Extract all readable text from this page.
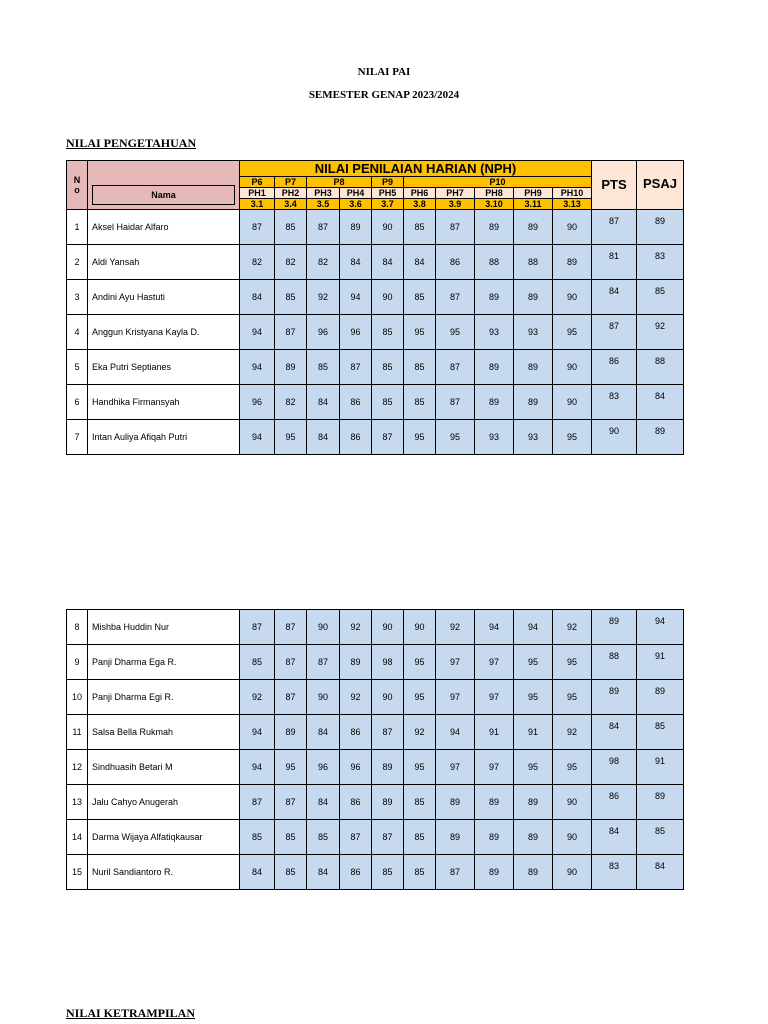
NILAI PAI
SEMESTER GENAP 2023/2024
NILAI PENGETAHUAN
N
o	Nama	NILAI PENILAIAN HARIAN (NPH)										PTS	PSAJ
		P6	P7	P8		P9	P10						
		PH1	PH2	PH3	PH4	PH5	PH6	PH7	PH8	PH9	PH10		
		3.1	3.4	3.5	3.6	3.7	3.8	3.9	3.10	3.11	3.13		
1	Aksel Haidar Alfaro	87	85	87	89	90	85	87	89	89	90	87	89
2	Aldi Yansah	82	82	82	84	84	84	86	88	88	89	81	83
3	Andini Ayu Hastuti	84	85	92	94	90	85	87	89	89	90	84	85
4	Anggun Kristyana Kayla D.	94	87	96	96	85	95	95	93	93	95	87	92
5	Eka Putri Septianes	94	89	85	87	85	85	87	89	89	90	86	88
6	Handhika Firmansyah	96	82	84	86	85	85	87	89	89	90	83	84
7	Intan Auliya Afiqah Putri	94	95	84	86	87	95	95	93	93	95	90	89
8	Mishba Huddin Nur	87	87	90	92	90	90	92	94	94	92	89	94
9	Panji Dharma Ega R.	85	87	87	89	98	95	97	97	95	95	88	91
10	Panji Dharma Egi R.	92	87	90	92	90	95	97	97	95	95	89	89
11	Salsa Bella Rukmah	94	89	84	86	87	92	94	91	91	92	84	85
12	Sindhuasih Betari M	94	95	96	96	89	95	97	97	95	95	98	91
13	Jalu Cahyo Anugerah	87	87	84	86	89	85	89	89	89	90	86	89
14	Darma Wijaya Alfatiqkausar	85	85	85	87	87	85	89	89	89	90	84	85
15	Nuril Sandiantoro R.	84	85	84	86	85	85	87	89	89	90	83	84
NILAI KETRAMPILAN
